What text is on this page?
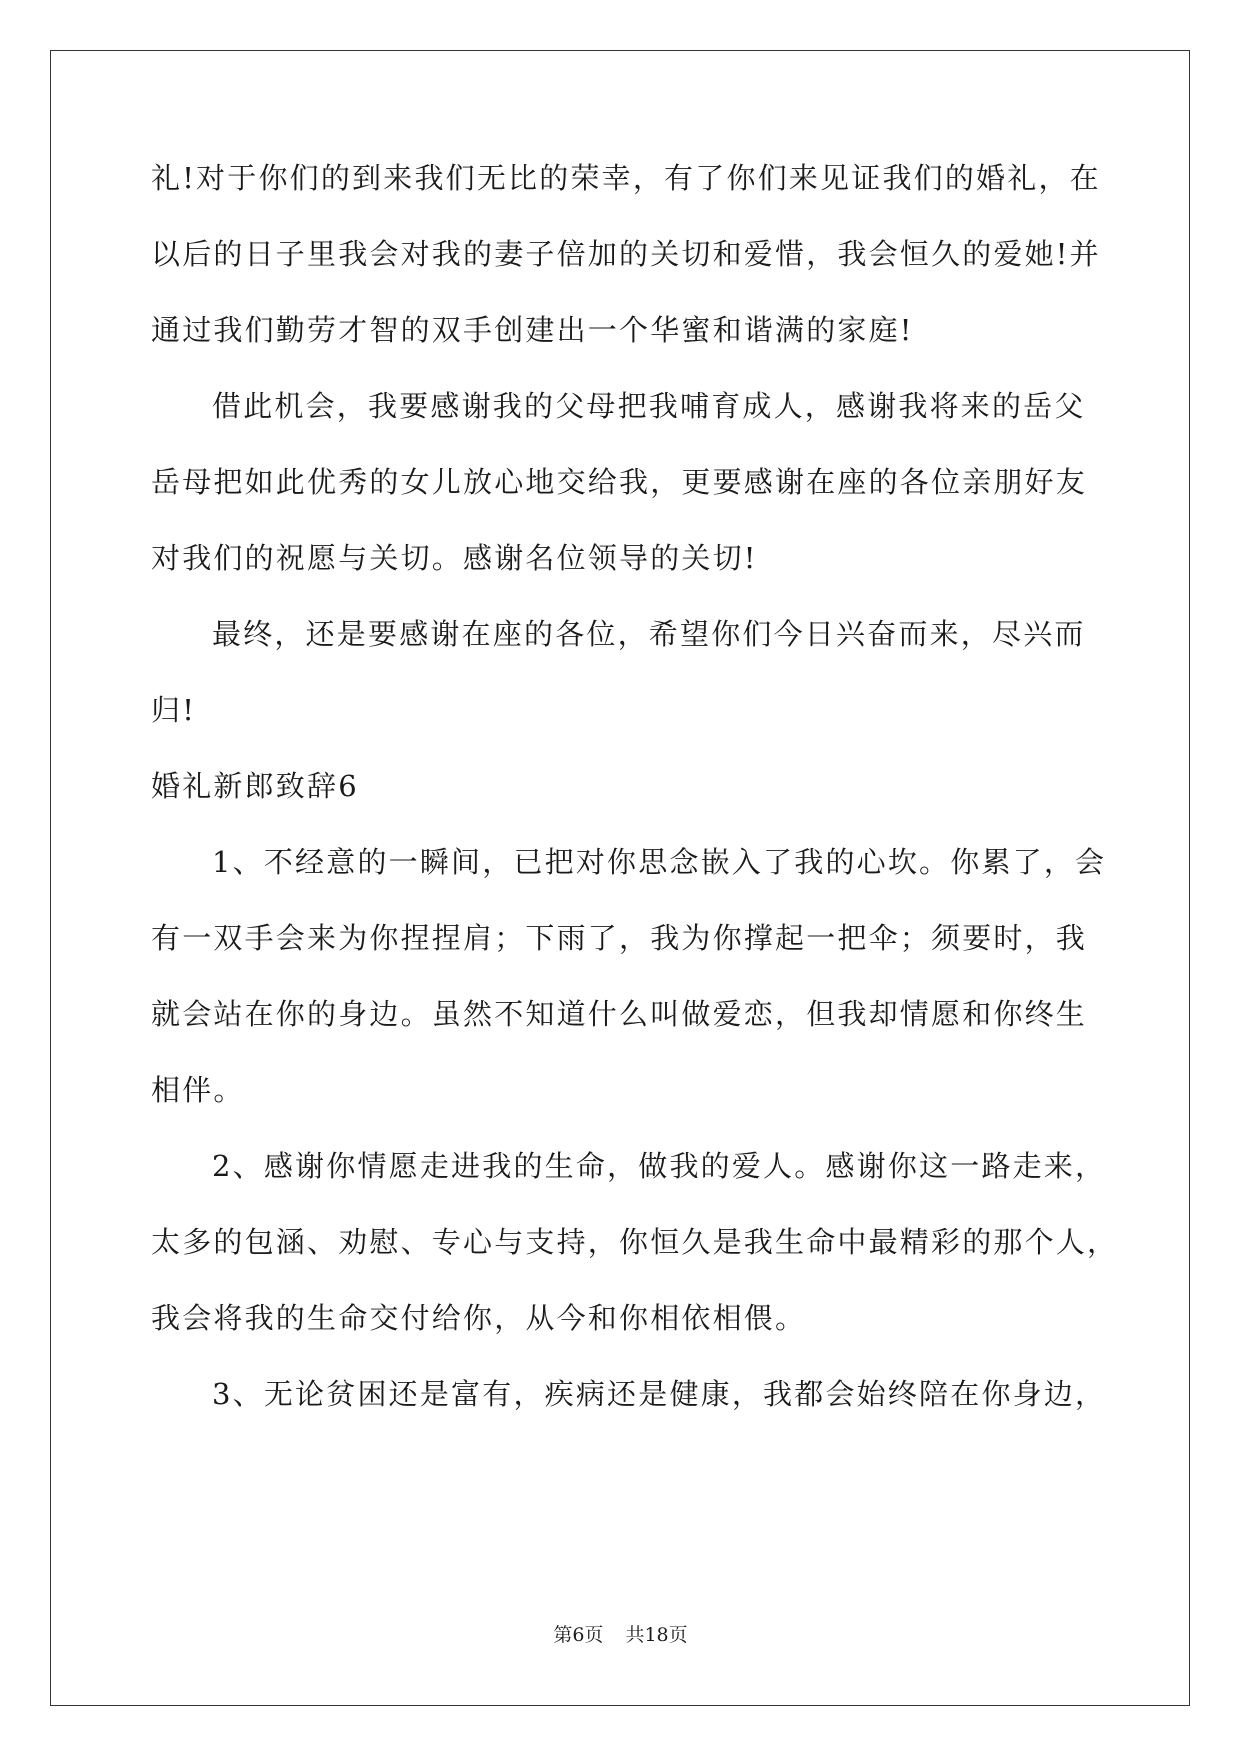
礼!对于你们的到来我们无比的荣幸，有了你们来见证我们的婚礼，在
以后的日子里我会对我的妻子倍加的关切和爱惜，我会恒久的爱她!并
通过我们勤劳才智的双手创建出一个华蜜和谐满的家庭!
借此机会，我要感谢我的父母把我哺育成人，感谢我将来的岳父
岳母把如此优秀的女儿放心地交给我，更要感谢在座的各位亲朋好友
对我们的祝愿与关切。感谢名位领导的关切!
最终，还是要感谢在座的各位，希望你们今日兴奋而来，尽兴而
归!
婚礼新郎致辞6
1、不经意的一瞬间，已把对你思念嵌入了我的心坎。你累了，会
有一双手会来为你捏捏肩；下雨了，我为你撑起一把伞；须要时，我
就会站在你的身边。虽然不知道什么叫做爱恋，但我却情愿和你终生
相伴。
2、感谢你情愿走进我的生命，做我的爱人。感谢你这一路走来，
太多的包涵、劝慰、专心与支持，你恒久是我生命中最精彩的那个人，
我会将我的生命交付给你，从今和你相依相偎。
3、无论贫困还是富有，疾病还是健康，我都会始终陪在你身边，
第6页 共18页
